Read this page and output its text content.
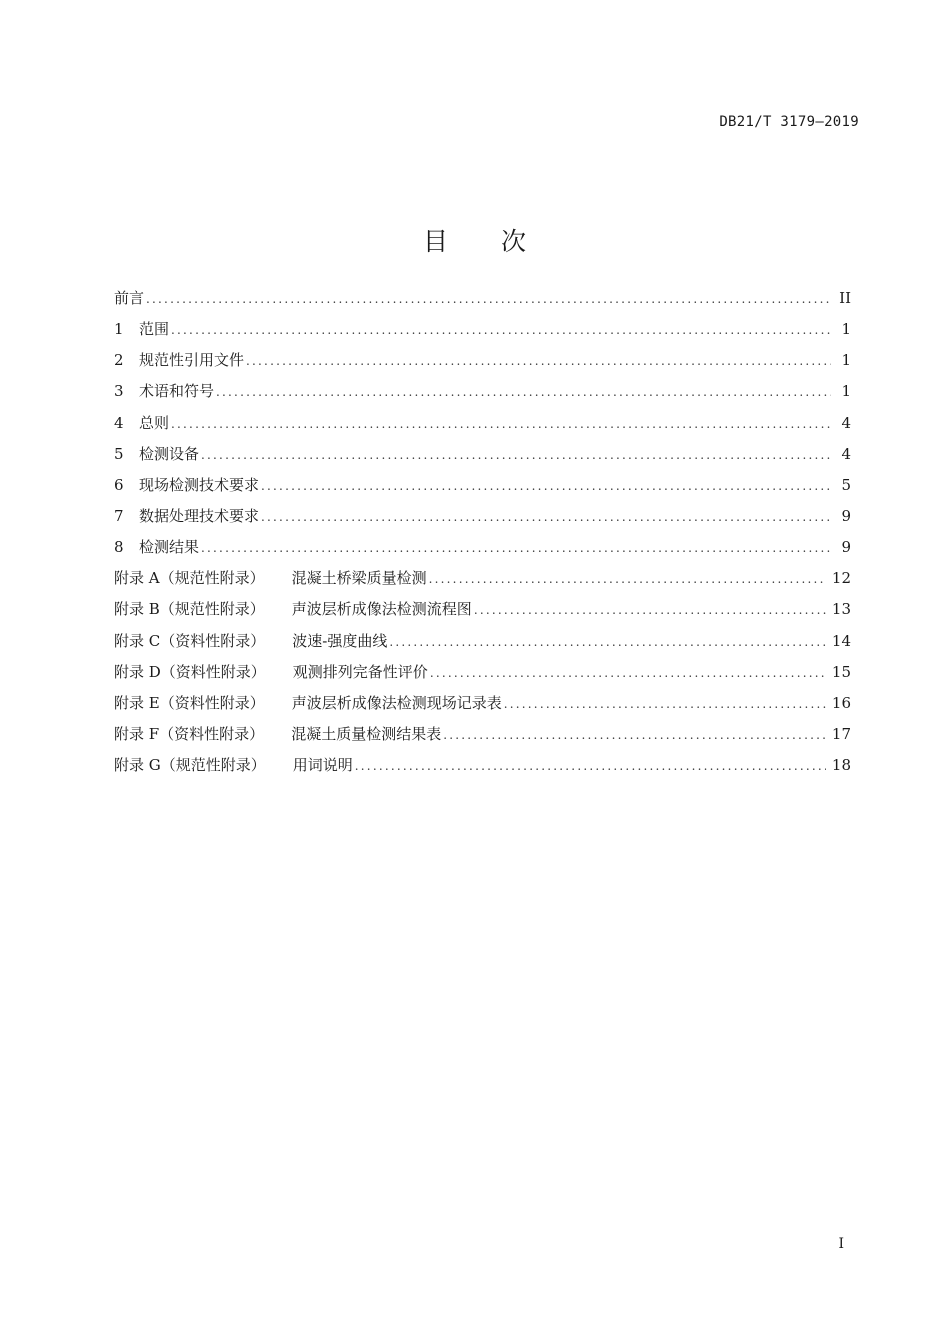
DB21/T 3179—2019
目 次
前言 .....	II
1	范围 .....	1
2	规范性引用文件 .....	1
3	术语和符号 .....	1
4	总则 .....	4
5	检测设备 .....	4
6	现场检测技术要求 .....	5
7	数据处理技术要求 .....	9
8	检测结果 .....	9
附录 A（规范性附录） 混凝土桥梁质量检测 .....	12
附录 B（规范性附录） 声波层析成像法检测流程图 .....	13
附录 C（资料性附录） 波速-强度曲线 .....	14
附录 D（资料性附录） 观测排列完备性评价 .....	15
附录 E（资料性附录） 声波层析成像法检测现场记录表 .....	16
附录 F（资料性附录） 混凝土质量检测结果表 .....	17
附录 G（规范性附录） 用词说明 .....	18
I
